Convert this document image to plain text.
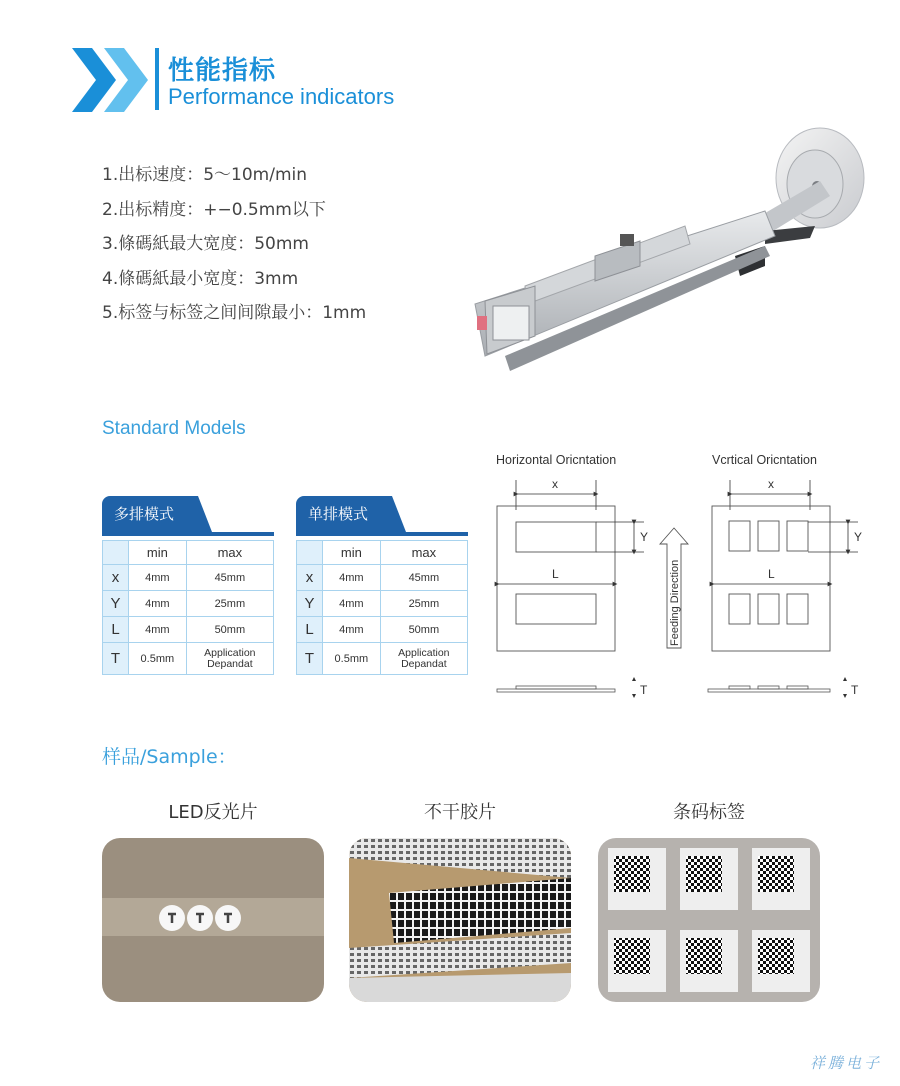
性能指标
Performance indicators
1.出标速度：5～10m/min
2.出标精度：+−0.5mm以下
3.條碼紙最大宽度：50mm
4.條碼紙最小宽度：3mm
5.标签与标签之间间隙最小：1mm
Standard Models
多排模式
	min	max
x	4mm	45mm
Y	4mm	25mm
L	4mm	50mm
T	0.5mm	Application
Depandat
单排模式
	min	max
x	4mm	45mm
Y	4mm	25mm
L	4mm	50mm
T	0.5mm	Application
Depandat
Horizontal Oricntation
x
Y
L	Feeding Direction
Vcrtical Oricntation
x
Y
L
T	T
样品/Sample：
LED反光片	不干胶片	条码标签
祥腾电子
